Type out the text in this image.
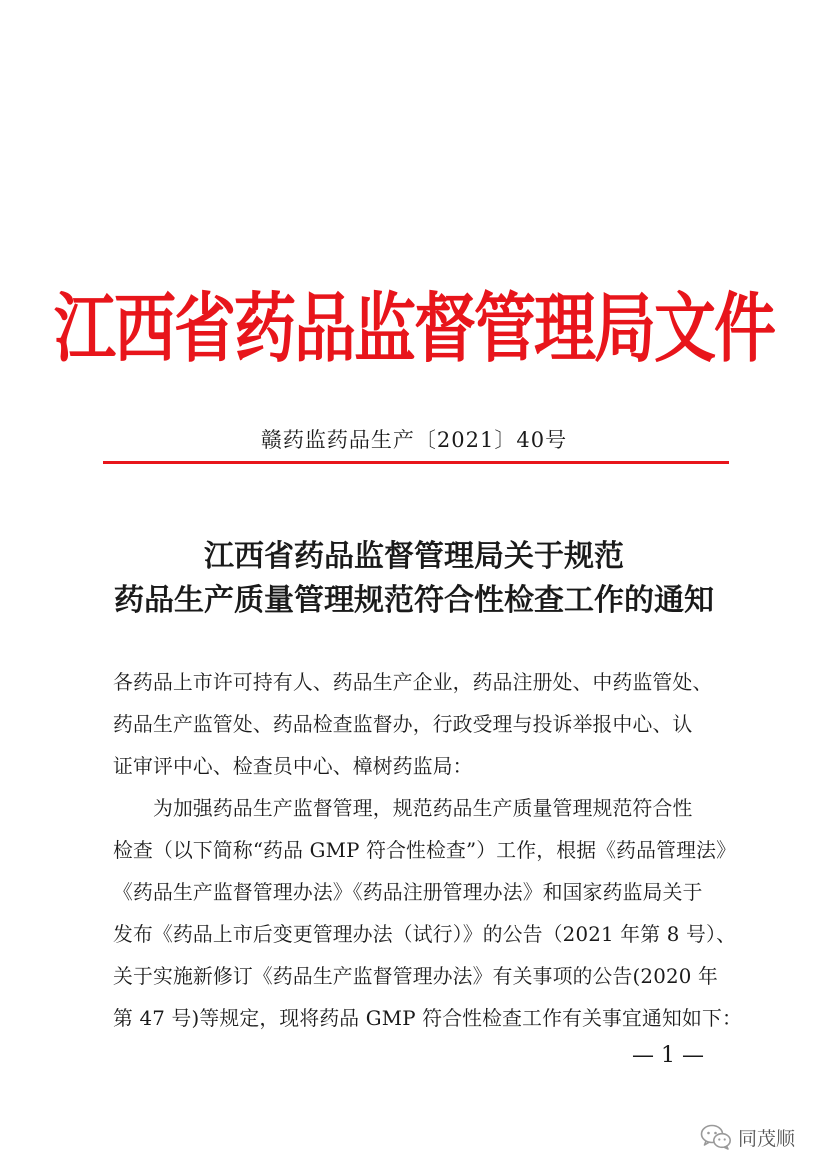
江西省药品监督管理局文件
赣药监药品生产〔2021〕40号
江西省药品监督管理局关于规范
药品生产质量管理规范符合性检查工作的通知
各药品上市许可持有人、药品生产企业，药品注册处、中药监管处、
药品生产监管处、药品检查监督办，行政受理与投诉举报中心、认
证审评中心、检查员中心、樟树药监局：
　　为加强药品生产监督管理，规范药品生产质量管理规范符合性
检查（以下简称“药品 GMP 符合性检查”）工作，根据《药品管理法》
《药品生产监督管理办法》《药品注册管理办法》和国家药监局关于
发布《药品上市后变更管理办法（试行）》的公告（2021 年第 8 号）、
关于实施新修订《药品生产监督管理办法》有关事项的公告(2020 年
第 47 号)等规定，现将药品 GMP 符合性检查工作有关事宜通知如下：
— 1 —
同茂顺
